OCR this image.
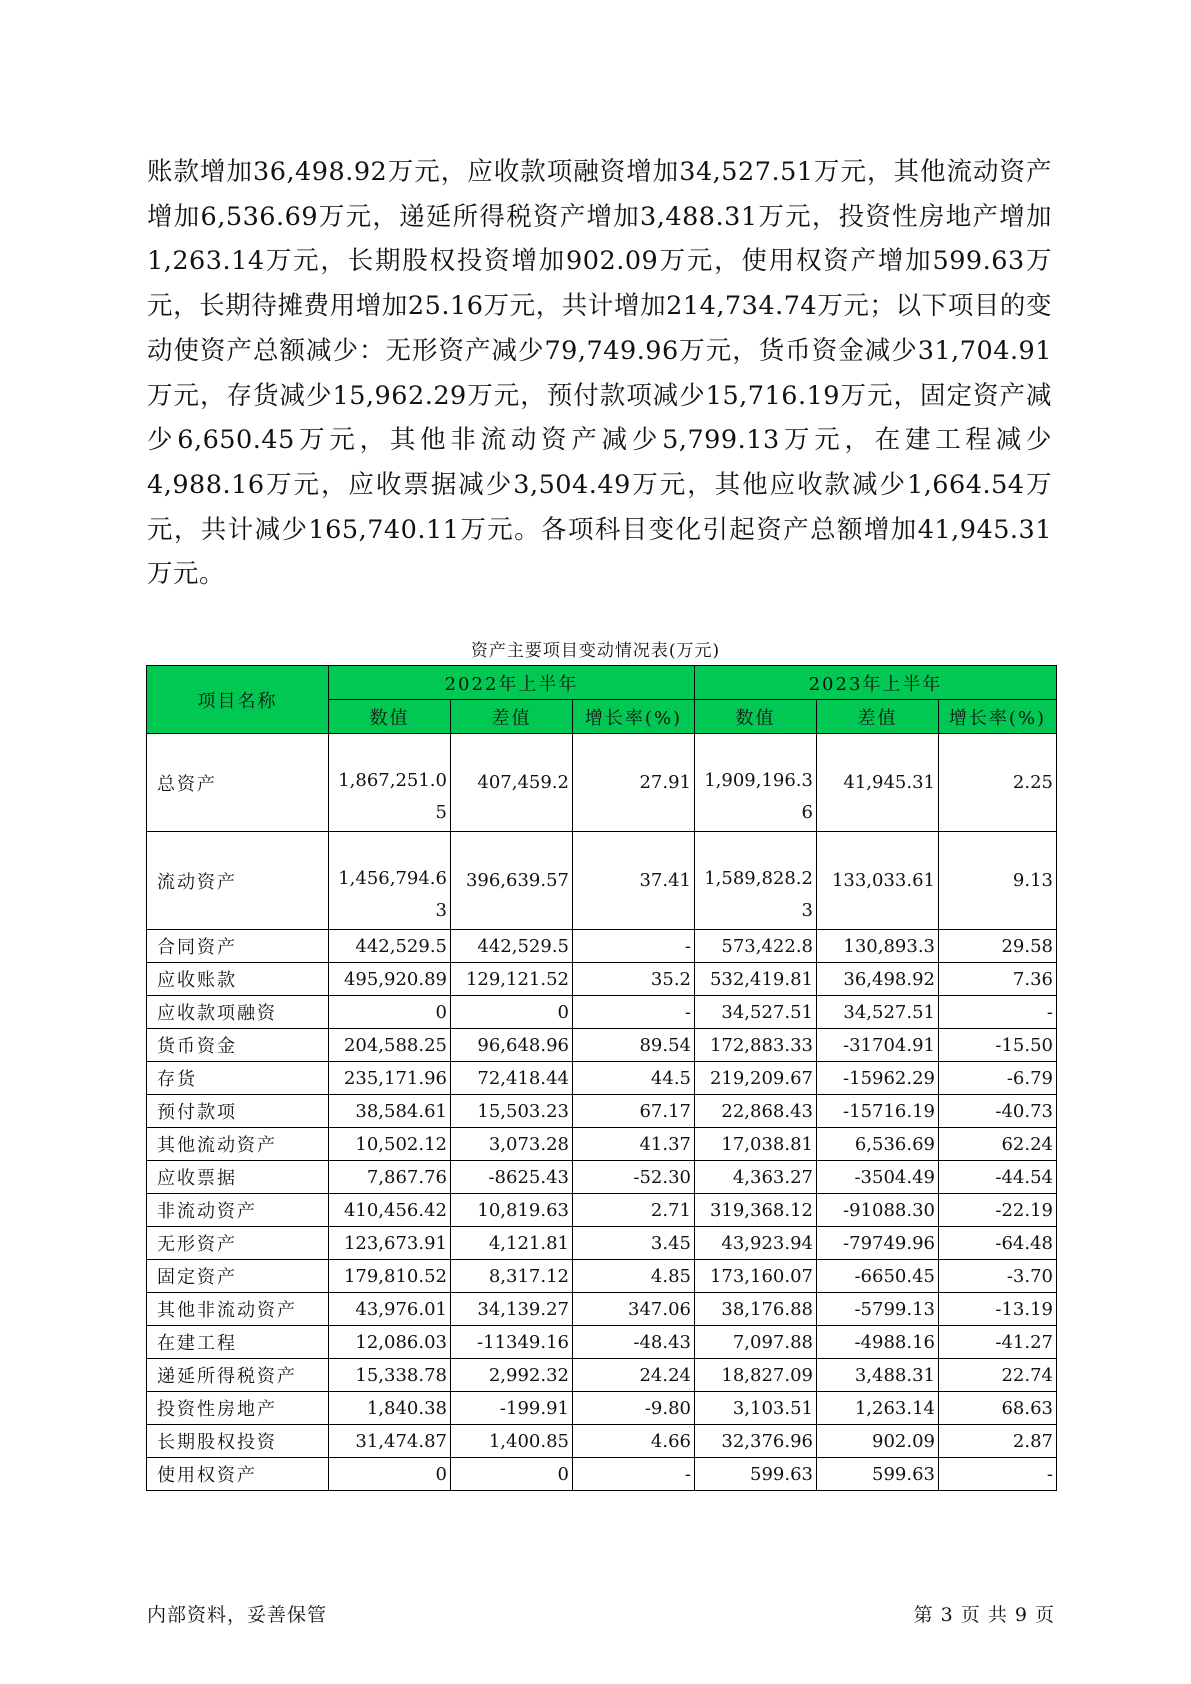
账款增加36,498.92万元，应收款项融资增加34,527.51万元，其他流动资产增加6,536.69万元，递延所得税资产增加3,488.31万元，投资性房地产增加1,263.14万元，长期股权投资增加902.09万元，使用权资产增加599.63万元，长期待摊费用增加25.16万元，共计增加214,734.74万元；以下项目的变动使资产总额减少：无形资产减少79,749.96万元，货币资金减少31,704.91万元，存货减少15,962.29万元，预付款项减少15,716.19万元，固定资产减少6,650.45万元，其他非流动资产减少5,799.13万元，在建工程减少4,988.16万元，应收票据减少3,504.49万元，其他应收款减少1,664.54万元，共计减少165,740.11万元。各项科目变化引起资产总额增加41,945.31万元。

资产主要项目变动情况表(万元)
项目名称	2022年上半年			2023年上半年		
	数值	差值	增长率(%)	数值	差值	增长率(%)
总资产	1,867,251.05	407,459.2	27.91	1,909,196.36	41,945.31	2.25
流动资产	1,456,794.63	396,639.57	37.41	1,589,828.23	133,033.61	9.13
合同资产	442,529.5	442,529.5	-	573,422.8	130,893.3	29.58
应收账款	495,920.89	129,121.52	35.2	532,419.81	36,498.92	7.36
应收款项融资	0	0	-	34,527.51	34,527.51	-
货币资金	204,588.25	96,648.96	89.54	172,883.33	-31704.91	-15.50
存货	235,171.96	72,418.44	44.5	219,209.67	-15962.29	-6.79
预付款项	38,584.61	15,503.23	67.17	22,868.43	-15716.19	-40.73
其他流动资产	10,502.12	3,073.28	41.37	17,038.81	6,536.69	62.24
应收票据	7,867.76	-8625.43	-52.30	4,363.27	-3504.49	-44.54
非流动资产	410,456.42	10,819.63	2.71	319,368.12	-91088.30	-22.19
无形资产	123,673.91	4,121.81	3.45	43,923.94	-79749.96	-64.48
固定资产	179,810.52	8,317.12	4.85	173,160.07	-6650.45	-3.70
其他非流动资产	43,976.01	34,139.27	347.06	38,176.88	-5799.13	-13.19
在建工程	12,086.03	-11349.16	-48.43	7,097.88	-4988.16	-41.27
递延所得税资产	15,338.78	2,992.32	24.24	18,827.09	3,488.31	22.74
投资性房地产	1,840.38	-199.91	-9.80	3,103.51	1,263.14	68.63
长期股权投资	31,474.87	1,400.85	4.66	32,376.96	902.09	2.87
使用权资产	0	0	-	599.63	599.63	-
内部资料，妥善保管	第 3 页 共 9 页
